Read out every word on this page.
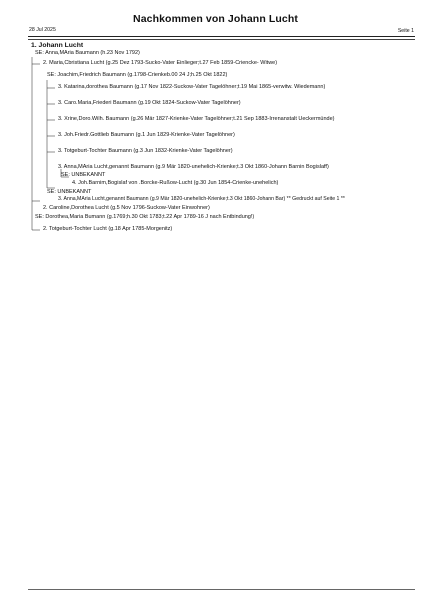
Nachkommen von Johann Lucht
28 Jul 2025	Seite 1
1. Johann Lucht
SE: Anna,MAria Baumann (h.23 Nov 1792)
2. Maria,Cbristiana Lucht (g.25 Dez 1793-Sucko-Vater Einlieger;t.27 Feb 1859-Criencke- Witwe)
SE: Joachim,Friedrich Baumann (g.1798-Crienkeb.00 24 J;h.25 Okt 1822)
3. Katarina,dorothea Baumann (g.17 Nov 1822-Suckow-Vater Tagelöhner;t.19 Mai 1865-verwitw. Wiedemann)
3. Caro.Maria,Friederi Baumann (g.19 Okt 1824-Suckow-Vater Tagelöhner)
3. Xrine,Doro.Wilh. Baumann (g.26 Mär 1827-Krienke-Vater Tagelöhner;t.21 Sep 1883-Irrenanstalt Ueckermünde)
3. Joh.Friedr.Gottlieb Baumann (g.1 Jun 1829-Krienke-Vater Tagelöhner)
3. Totgeburt-Tochter Baumann (g.3 Jun 1832-Krienke-Vater Tagelöhner)
3. Anna,MAria Lucht,genannt Baumann (g.9 Mär 1820-unehelich-Krienke;t.3 Okt 1860-Johann Barnin Bogislaff)
SE: UNBEKANNT
4. Joh.Barnim,Bogislaf von .Borcke-Rußow-Lucht (g.30 Jun 1854-Crienke-unehelich)
SE: UNBEKANNT
3. Anna,MAria Lucht,genannt Baumann (g.9 Mär 1820-unehelich-Krienke;t.3 Okt 1860-Johann Bar) ** Gedruckt auf Seite 1 **
2. Caroline,Dorothea Lucht (g.5 Nov 1796-Suckow-Vater Einwohner)
SE: Dorothea,Maria Bumann (g.1769;h.30 Okt 1783;t.22 Apr 1789-16 J nach Entbindung!)
2. Totgeburt-Tochter Lucht (g.18 Apr 1785-Morgenitz)
